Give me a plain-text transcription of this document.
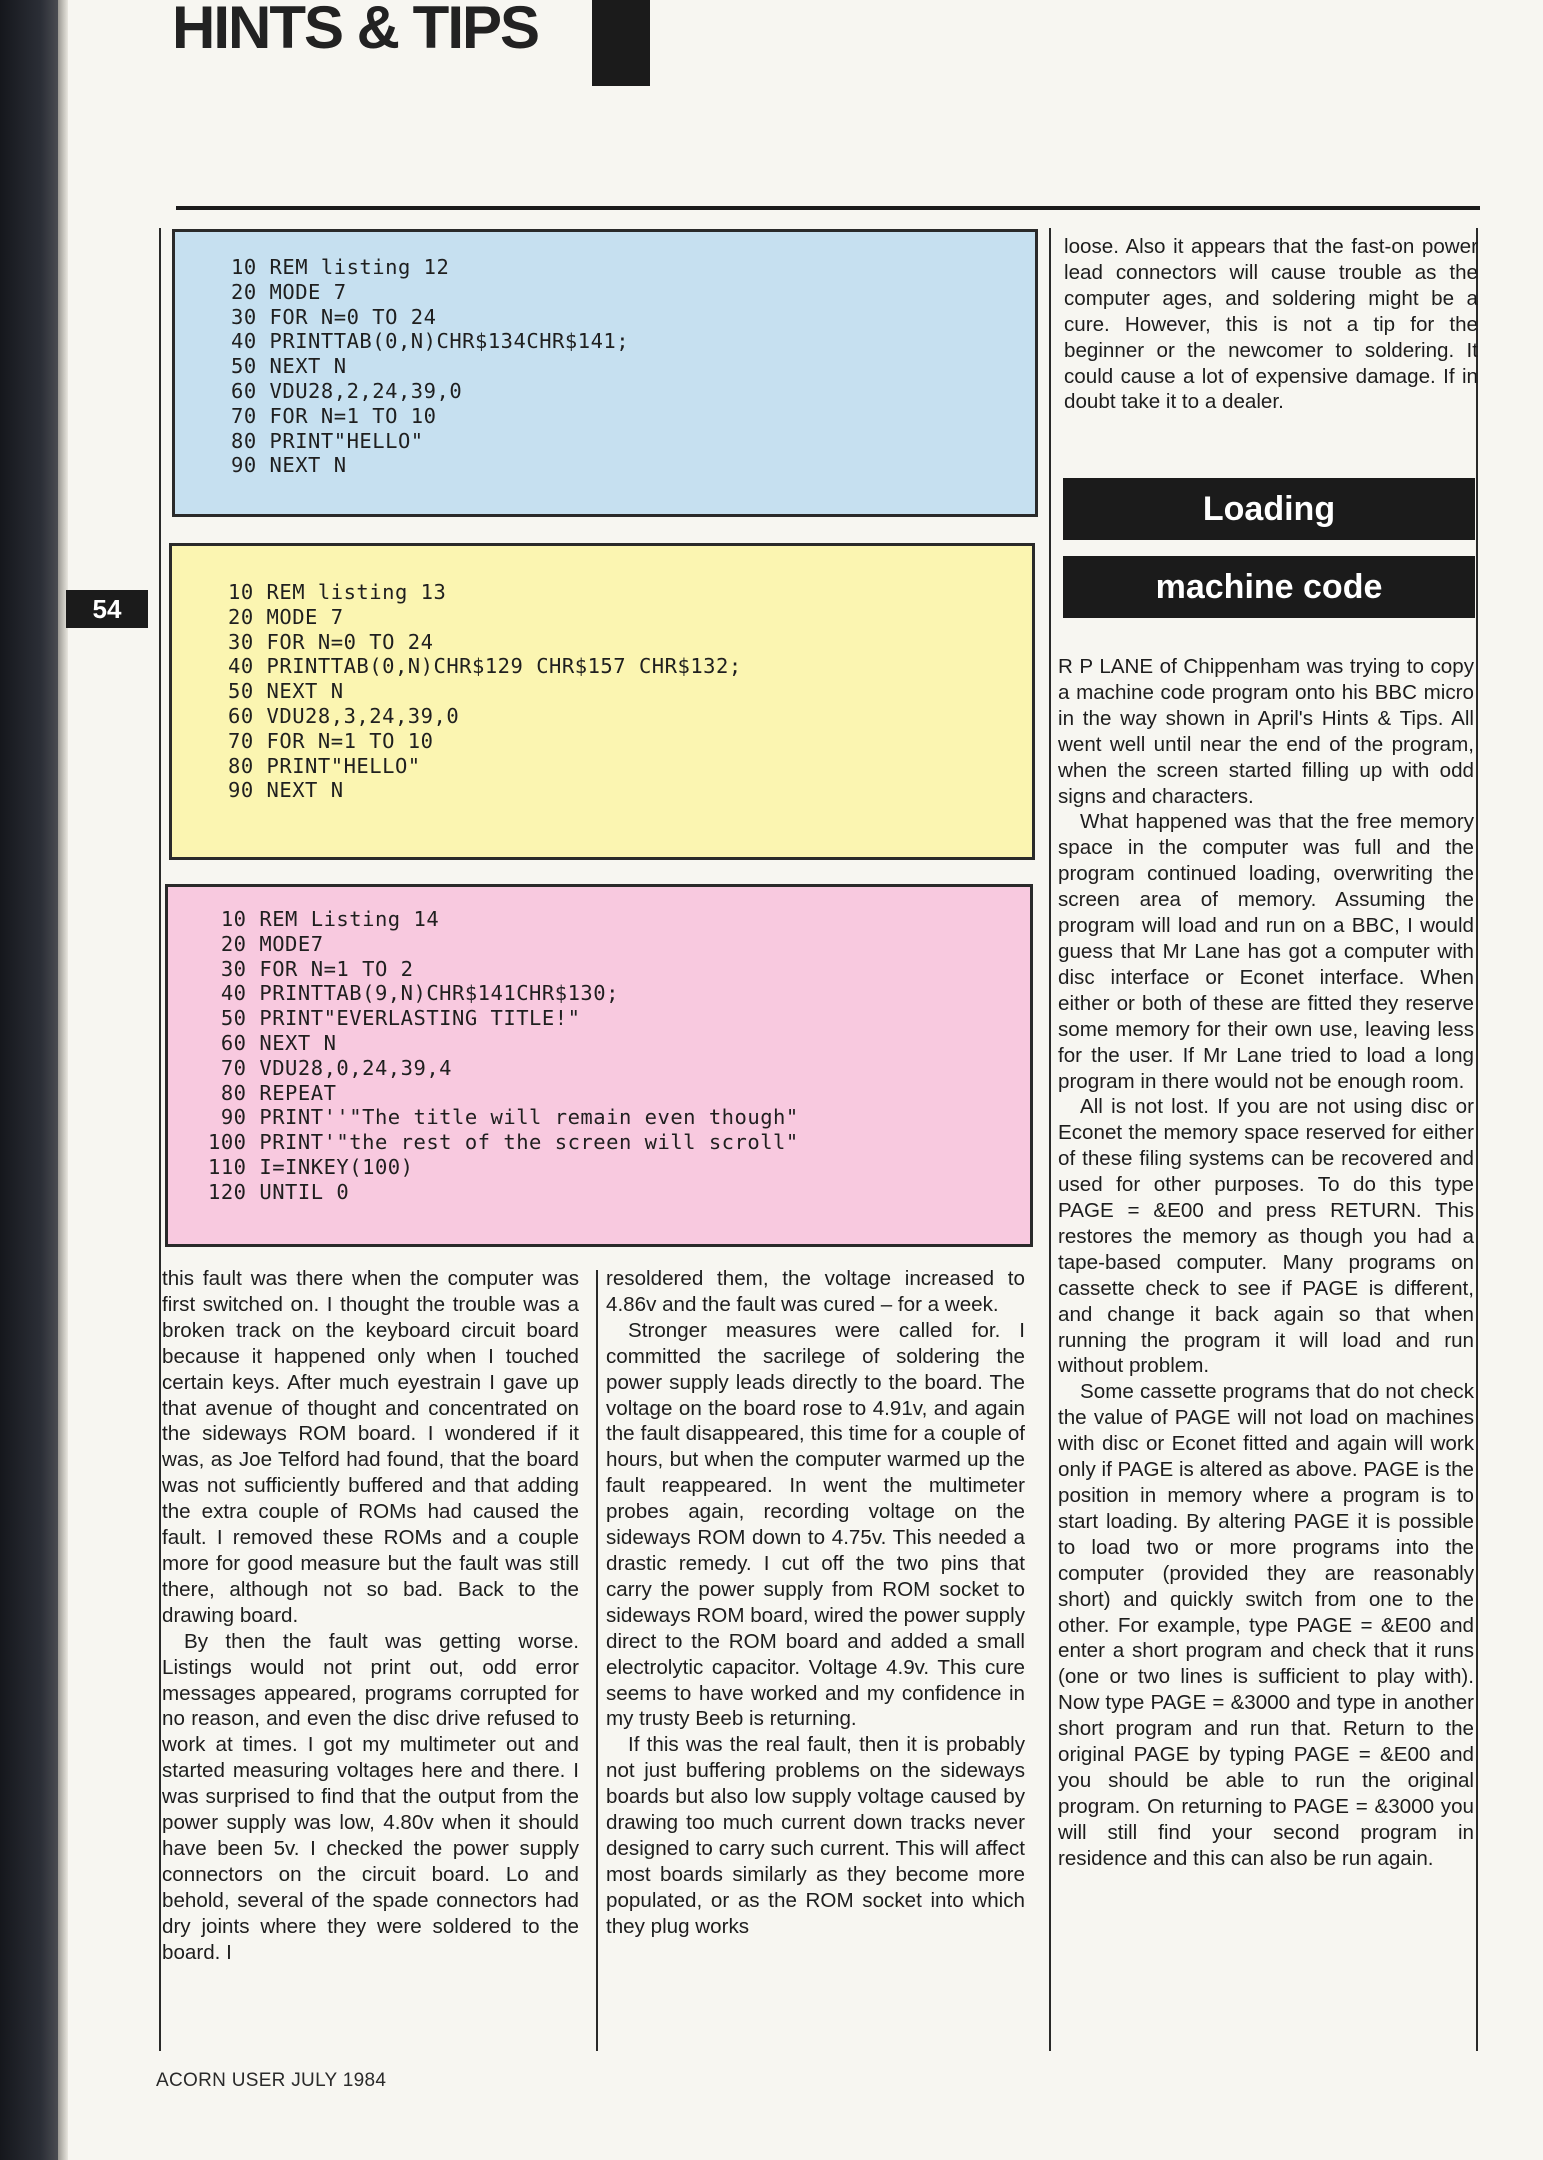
HINTS & TIPS
54
10 REM listing 12
20 MODE 7
30 FOR N=0 TO 24
40 PRINTTAB(0,N)CHR$134CHR$141;
50 NEXT N
60 VDU28,2,24,39,0
70 FOR N=1 TO 10
80 PRINT"HELLO"
90 NEXT N
10 REM listing 13
20 MODE 7
30 FOR N=0 TO 24
40 PRINTTAB(0,N)CHR$129 CHR$157 CHR$132;
50 NEXT N
60 VDU28,3,24,39,0
70 FOR N=1 TO 10
80 PRINT"HELLO"
90 NEXT N
10 REM Listing 14
20 MODE7
30 FOR N=1 TO 2
40 PRINTTAB(9,N)CHR$141CHR$130;
50 PRINT"EVERLASTING TITLE!"
60 NEXT N
70 VDU28,0,24,39,4
80 REPEAT
90 PRINT''"The title will remain even though"
100 PRINT'"the rest of the screen will scroll"
110 I=INKEY(100)
120 UNTIL 0

this fault was there when the computer was first switched on. I thought the trouble was a broken track on the keyboard circuit board because it happened only when I touched certain keys. After much eyestrain I gave up that avenue of thought and concentrated on the sideways ROM board. I wondered if it was, as Joe Telford had found, that the board was not sufficiently buffered and that adding the extra couple of ROMs had caused the fault. I removed these ROMs and a couple more for good measure but the fault was still there, although not so bad. Back to the drawing board.

By then the fault was getting worse. Listings would not print out, odd error messages appeared, programs corrupted for no reason, and even the disc drive refused to work at times. I got my multimeter out and started measuring voltages here and there. I was surprised to find that the output from the power supply was low, 4.80v when it should have been 5v. I checked the power supply connectors on the circuit board. Lo and behold, several of the spade connectors had dry joints where they were soldered to the board. I

resoldered them, the voltage increased to 4.86v and the fault was cured – for a week.

Stronger measures were called for. I committed the sacrilege of soldering the power supply leads directly to the board. The voltage on the board rose to 4.91v, and again the fault disappeared, this time for a couple of hours, but when the computer warmed up the fault reappeared. In went the multimeter probes again, recording voltage on the sideways ROM down to 4.75v. This needed a drastic remedy. I cut off the two pins that carry the power supply from ROM socket to sideways ROM board, wired the power supply direct to the ROM board and added a small electrolytic capacitor. Voltage 4.9v. This cure seems to have worked and my confidence in my trusty Beeb is returning.

If this was the real fault, then it is probably not just buffering problems on the sideways boards but also low supply voltage caused by drawing too much current down tracks never designed to carry such current. This will affect most boards similarly as they become more populated, or as the ROM socket into which they plug works

loose. Also it appears that the fast-on power lead connectors will cause trouble as the computer ages, and soldering might be a cure. However, this is not a tip for the beginner or the newcomer to soldering. It could cause a lot of expensive damage. If in doubt take it to a dealer.

Loading
machine code

R P LANE of Chippenham was trying to copy a machine code program onto his BBC micro in the way shown in April's Hints & Tips. All went well until near the end of the program, when the screen started filling up with odd signs and characters.

What happened was that the free memory space in the computer was full and the program continued loading, overwriting the screen area of memory. Assuming the program will load and run on a BBC, I would guess that Mr Lane has got a computer with disc interface or Econet interface. When either or both of these are fitted they reserve some memory for their own use, leaving less for the user. If Mr Lane tried to load a long program in there would not be enough room.

All is not lost. If you are not using disc or Econet the memory space reserved for either of these filing systems can be recovered and used for other purposes. To do this type PAGE = &E00 and press RETURN. This restores the memory as though you had a tape-based computer. Many programs on cassette check to see if PAGE is different, and change it back again so that when running the program it will load and run without problem.

Some cassette programs that do not check the value of PAGE will not load on machines with disc or Econet fitted and again will work only if PAGE is altered as above. PAGE is the position in memory where a program is to start loading. By altering PAGE it is possible to load two or more programs into the computer (provided they are reasonably short) and quickly switch from one to the other. For example, type PAGE = &E00 and enter a short program and check that it runs (one or two lines is sufficient to play with). Now type PAGE = &3000 and type in another short program and run that. Return to the original PAGE by typing PAGE = &E00 and you should be able to run the original program. On returning to PAGE = &3000 you will still find your second program in residence and this can also be run again.

ACORN USER JULY 1984
